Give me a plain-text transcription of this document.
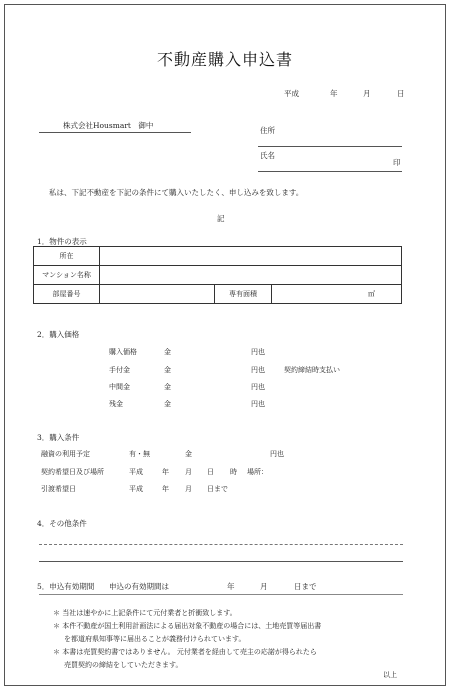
不動産購入申込書
平成	年	月	日
株式会社Housmart　御中
住所
氏名
印
私は、下記不動産を下記の条件にて購入いたしたく、申し込みを致します。
記
1．物件の表示
所在			
マンション名称			
部屋番号		専有面積	㎡
2．購入価格
購入価格	金	円也
手付金	金	円也	契約締結時支払い
中間金	金	円也
残金	金	円也
3．購入条件
融資の利用予定	有・無	金	円也
契約希望日及び場所	平成	年 月 日 時 場所：
引渡希望日	平成	年 月 日まで
4．その他条件
5．申込有効期間 申込の有効期間は	年	月	日まで
＊ 当社は速やかに上記条件にて元付業者と折衝致します。
＊ 本件不動産が国土利用計画法による届出対象不動産の場合には、土地売買等届出書
を都道府県知事等に届出ることが義務付けられています。
＊ 本書は売買契約書ではありません。 元付業者を経由して売主の応諾が得られたら
売買契約の締結をしていただきます。
以上
